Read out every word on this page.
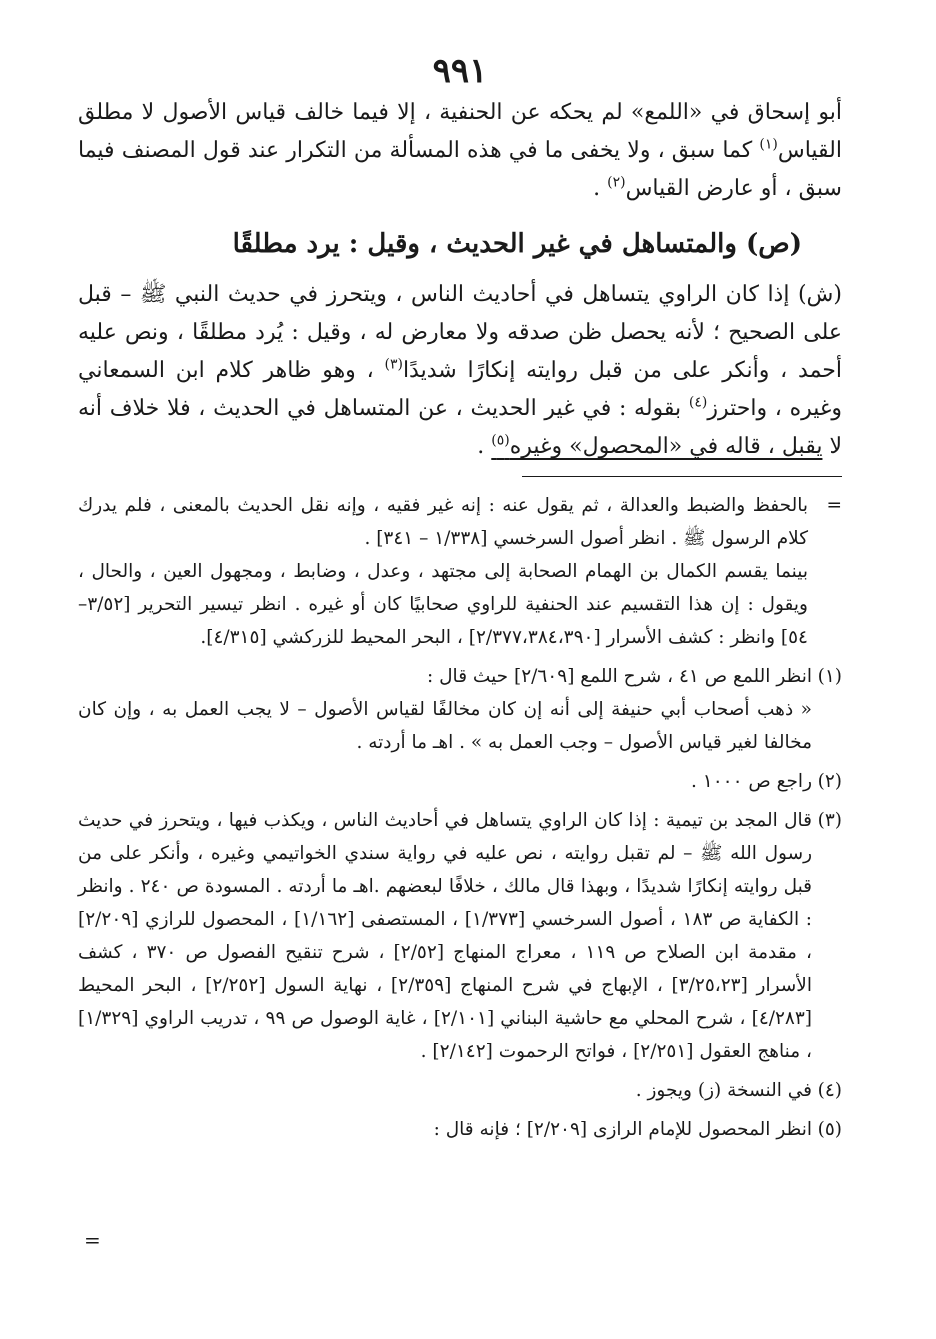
٩٩١

أبو إسحاق في «اللمع» لم يحكه عن الحنفية ، إلا فيما خالف قياس الأصول لا مطلق القياس$^{(١)}$ كما سبق ، ولا يخفى ما في هذه المسألة من التكرار عند قول المصنف فيما سبق ، أو عارض القياس$^{(٢)}$ .

(ص) والمتساهل في غير الحديث ، وقيل : يرد مطلقًا

(ش) إذا كان الراوي يتساهل في أحاديث الناس ، ويتحرز في حديث النبي ﷺ – قبل على الصحيح ؛ لأنه يحصل ظن صدقه ولا معارض له ، وقيل : يُرد مطلقًا ، ونص عليه أحمد ، وأنكر على من قبل روايته إنكارًا شديدًا$^{(٣)}$ ، وهو ظاهر كلام ابن السمعاني وغيره ، واحترز$^{(٤)}$ بقوله : في غير الحديث ، عن المتساهل في الحديث ، فلا خلاف أنه لا يقبل ، قاله في «المحصول» وغيره$^{(٥)}$ .

=
بالحفظ والضبط والعدالة ، ثم يقول عنه : إنه غير فقيه ، وإنه نقل الحديث بالمعنى ، فلم يدرك كلام الرسول ﷺ . انظر أصول السرخسي [١/٣٣٨ – ٣٤١] .

بينما يقسم الكمال بن الهمام الصحابة إلى مجتهد ، وعدل ، وضابط ، ومجهول العين ، والحال ، ويقول : إن هذا التقسيم عند الحنفية للراوي صحابيًا كان أو غيره . انظر تيسير التحرير [٣/٥٢– ٥٤] وانظر : كشف الأسرار [٢/٣٧٧،٣٨٤،٣٩٠] ، البحر المحيط للزركشي [٤/٣١٥].

(١)
انظر اللمع ص ٤١ ، شرح اللمع [٢/٦٠٩] حيث قال :

« ذهب أصحاب أبي حنيفة إلى أنه إن كان مخالفًا لقياس الأصول – لا يجب العمل به ، وإن كان مخالفا لغير قياس الأصول – وجب العمل به » . اهـ ما أردته .

(٢)
راجع ص ١٠٠٠ .

(٣)
قال المجد بن تيمية : إذا كان الراوي يتساهل في أحاديث الناس ، ويكذب فيها ، ويتحرز في حديث رسول الله ﷺ – لم تقبل روايته ، نص عليه في رواية سندي الخواتيمي وغيره ، وأنكر على من قبل روايته إنكارًا شديدًا ، وبهذا قال مالك ، خلافًا لبعضهم .اهـ ما أردته . المسودة ص ٢٤٠ . وانظر : الكفاية ص ١٨٣ ، أصول السرخسي [١/٣٧٣] ، المستصفى [١/١٦٢] ، المحصول للرازي [٢/٢٠٩] ، مقدمة ابن الصلاح ص ١١٩ ، معراج المنهاج [٢/٥٢] ، شرح تنقيح الفصول ص ٣٧٠ ، كشف الأسرار [٣/٢٥،٢٣] ، الإبهاج في شرح المنهاج [٢/٣٥٩] ، نهاية السول [٢/٢٥٢] ، البحر المحيط [٤/٢٨٣] ، شرح المحلي مع حاشية البناني [٢/١٠١] ، غاية الوصول ص ٩٩ ، تدريب الراوي [١/٣٢٩] ، مناهج العقول [٢/٢٥١] ، فواتح الرحموت [٢/١٤٢] .

(٤)
في النسخة (ز) ويجوز .

(٥)
انظر المحصول للإمام الرازى [٢/٢٠٩] ؛ فإنه قال :

=
